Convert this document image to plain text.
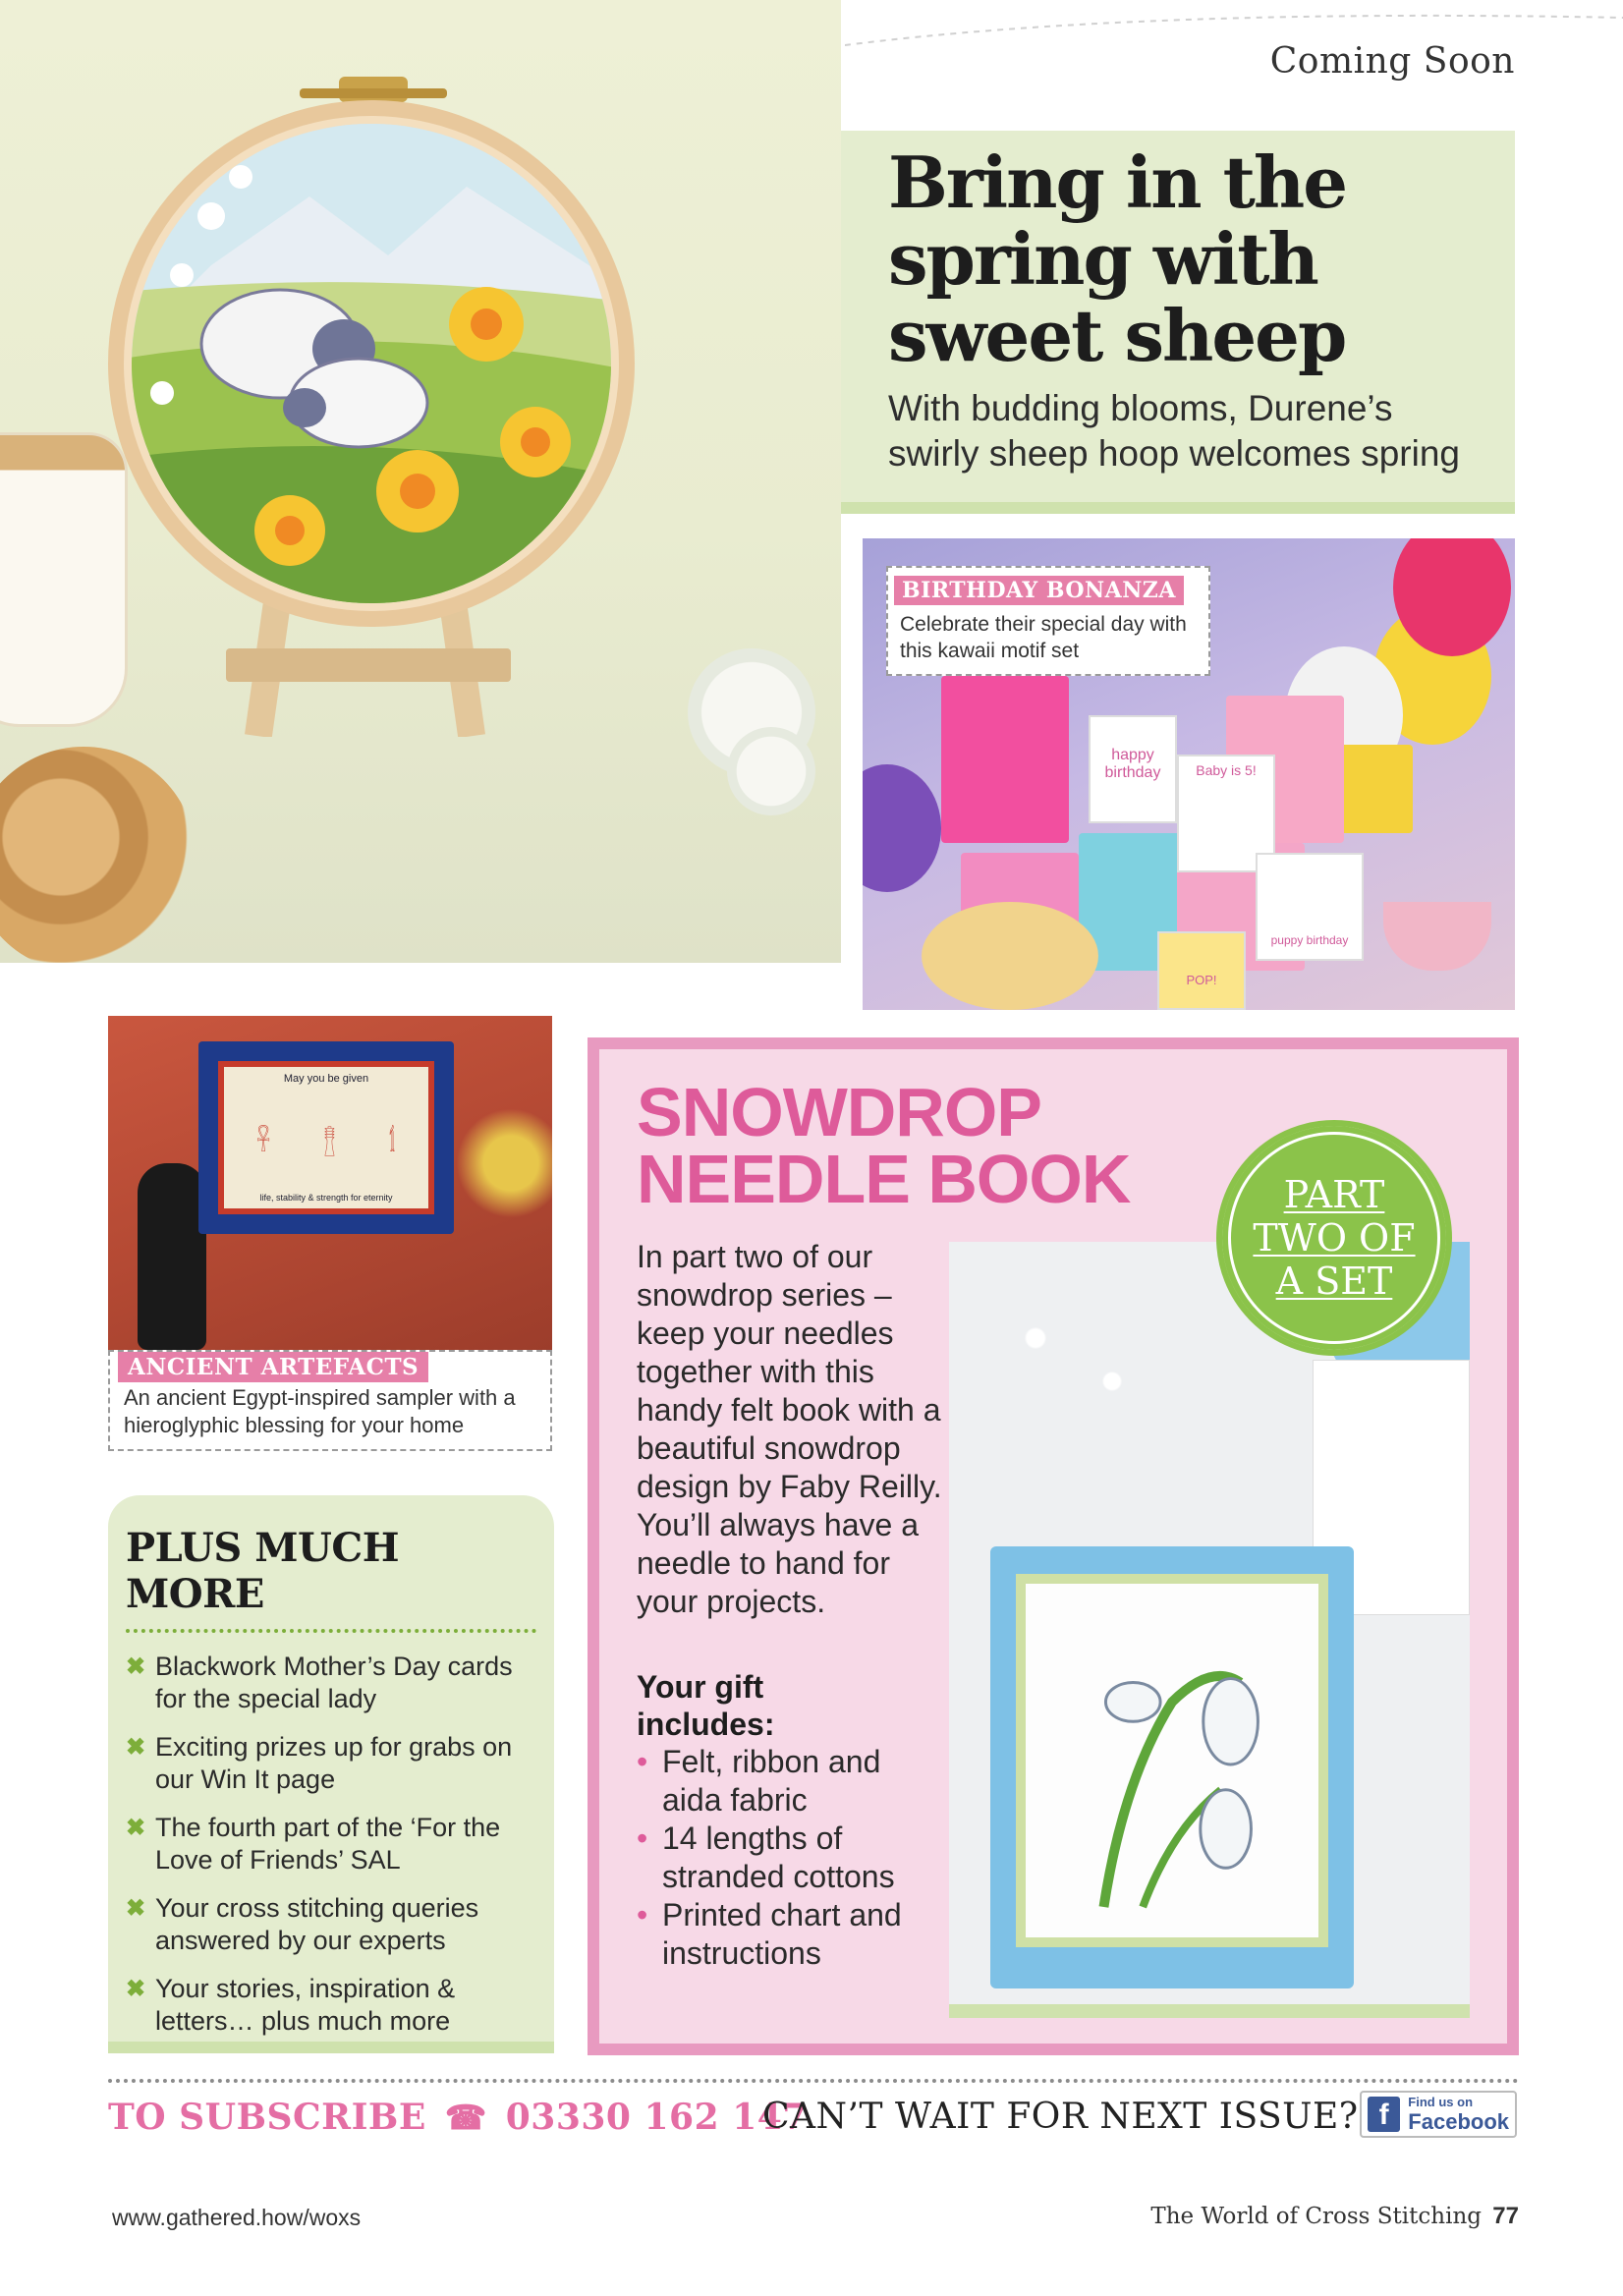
Coming Soon
Bring in the
spring with
sweet sheep
With budding blooms, Durene’s swirly sheep hoop welcomes spring
happy birthday	Baby is 5!
puppy birthday
POP!
BIRTHDAY BONANZA
Celebrate their special day with this kawaii motif set
May you be given
𓋹 𓊽 𓌀
life, stability & strength for eternity
ANCIENT ARTEFACTS
An ancient Egypt-inspired sampler with a hieroglyphic blessing for your home
PLUS MUCH MORE
✖ Blackwork Mother’s Day cards for the special lady
✖ Exciting prizes up for grabs on our Win It page
✖ The fourth part of the ‘For the Love of Friends’ SAL
✖ Your cross stitching queries answered by our experts
✖ Your stories, inspiration & letters… plus much more
SNOWDROP
NEEDLE BOOK
In part two of our snowdrop series – keep your needles together with this handy felt book with a beautiful snowdrop design by Faby Reilly. You’ll always have a needle to hand for your projects.
Your gift includes:
• Felt, ribbon and aida fabric
• 14 lengths of stranded cottons
• Printed chart and instructions
PART
TWO OF
A SET
TO SUBSCRIBE ☎ 03330 162 147
CAN’T WAIT FOR NEXT ISSUE? f	Find us on
Facebook
www.gathered.how/woxs	The World of Cross Stitching 77
